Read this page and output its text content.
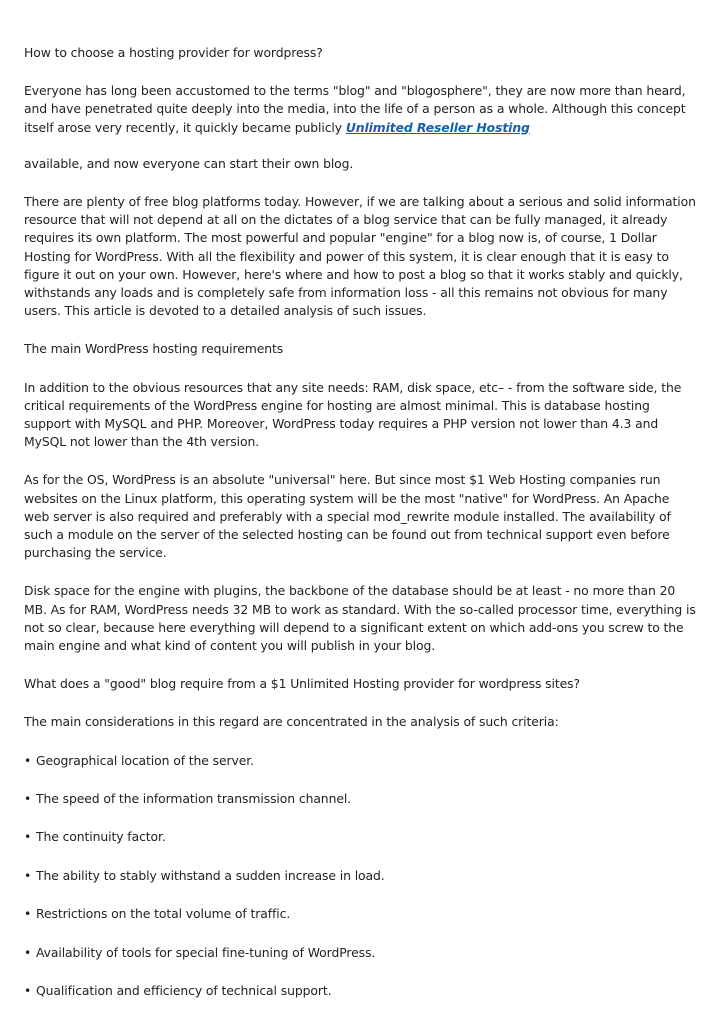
How to choose a hosting provider for wordpress?

Everyone has long been accustomed to the terms "blog" and "blogosphere", they are now more than heard, and have penetrated quite deeply into the media, into the life of a person as a whole. Although this concept itself arose very recently, it quickly became publicly Unlimited Reseller Hosting

available, and now everyone can start their own blog.

There are plenty of free blog platforms today. However, if we are talking about a serious and solid information resource that will not depend at all on the dictates of a blog service that can be fully managed, it already requires its own platform. The most powerful and popular "engine" for a blog now is, of course, 1 Dollar Hosting for WordPress. With all the flexibility and power of this system, it is clear enough that it is easy to figure it out on your own. However, here's where and how to post a blog so that it works stably and quickly, withstands any loads and is completely safe from information loss - all this remains not obvious for many users. This article is devoted to a detailed analysis of such issues.

The main WordPress hosting requirements

In addition to the obvious resources that any site needs: RAM, disk space, etc– - from the software side, the critical requirements of the WordPress engine for hosting are almost minimal. This is database hosting support with MySQL and PHP. Moreover, WordPress today requires a PHP version not lower than 4.3 and MySQL not lower than the 4th version.

As for the OS, WordPress is an absolute "universal" here. But since most $1 Web Hosting companies run websites on the Linux platform, this operating system will be the most "native" for WordPress. An Apache web server is also required and preferably with a special mod_rewrite module installed. The availability of such a module on the server of the selected hosting can be found out from technical support even before purchasing the service.

Disk space for the engine with plugins, the backbone of the database should be at least - no more than 20 MB. As for RAM, WordPress needs 32 MB to work as standard. With the so-called processor time, everything is not so clear, because here everything will depend to a significant extent on which add-ons you screw to the main engine and what kind of content you will publish in your blog.

What does a "good" blog require from a $1 Unlimited Hosting provider for wordpress sites?

The main considerations in this regard are concentrated in the analysis of such criteria:

• Geographical location of the server.
• The speed of the information transmission channel.
• The continuity factor.
• The ability to stably withstand a sudden increase in load.
• Restrictions on the total volume of traffic.
• Availability of tools for special fine-tuning of WordPress.
• Qualification and efficiency of technical support.
